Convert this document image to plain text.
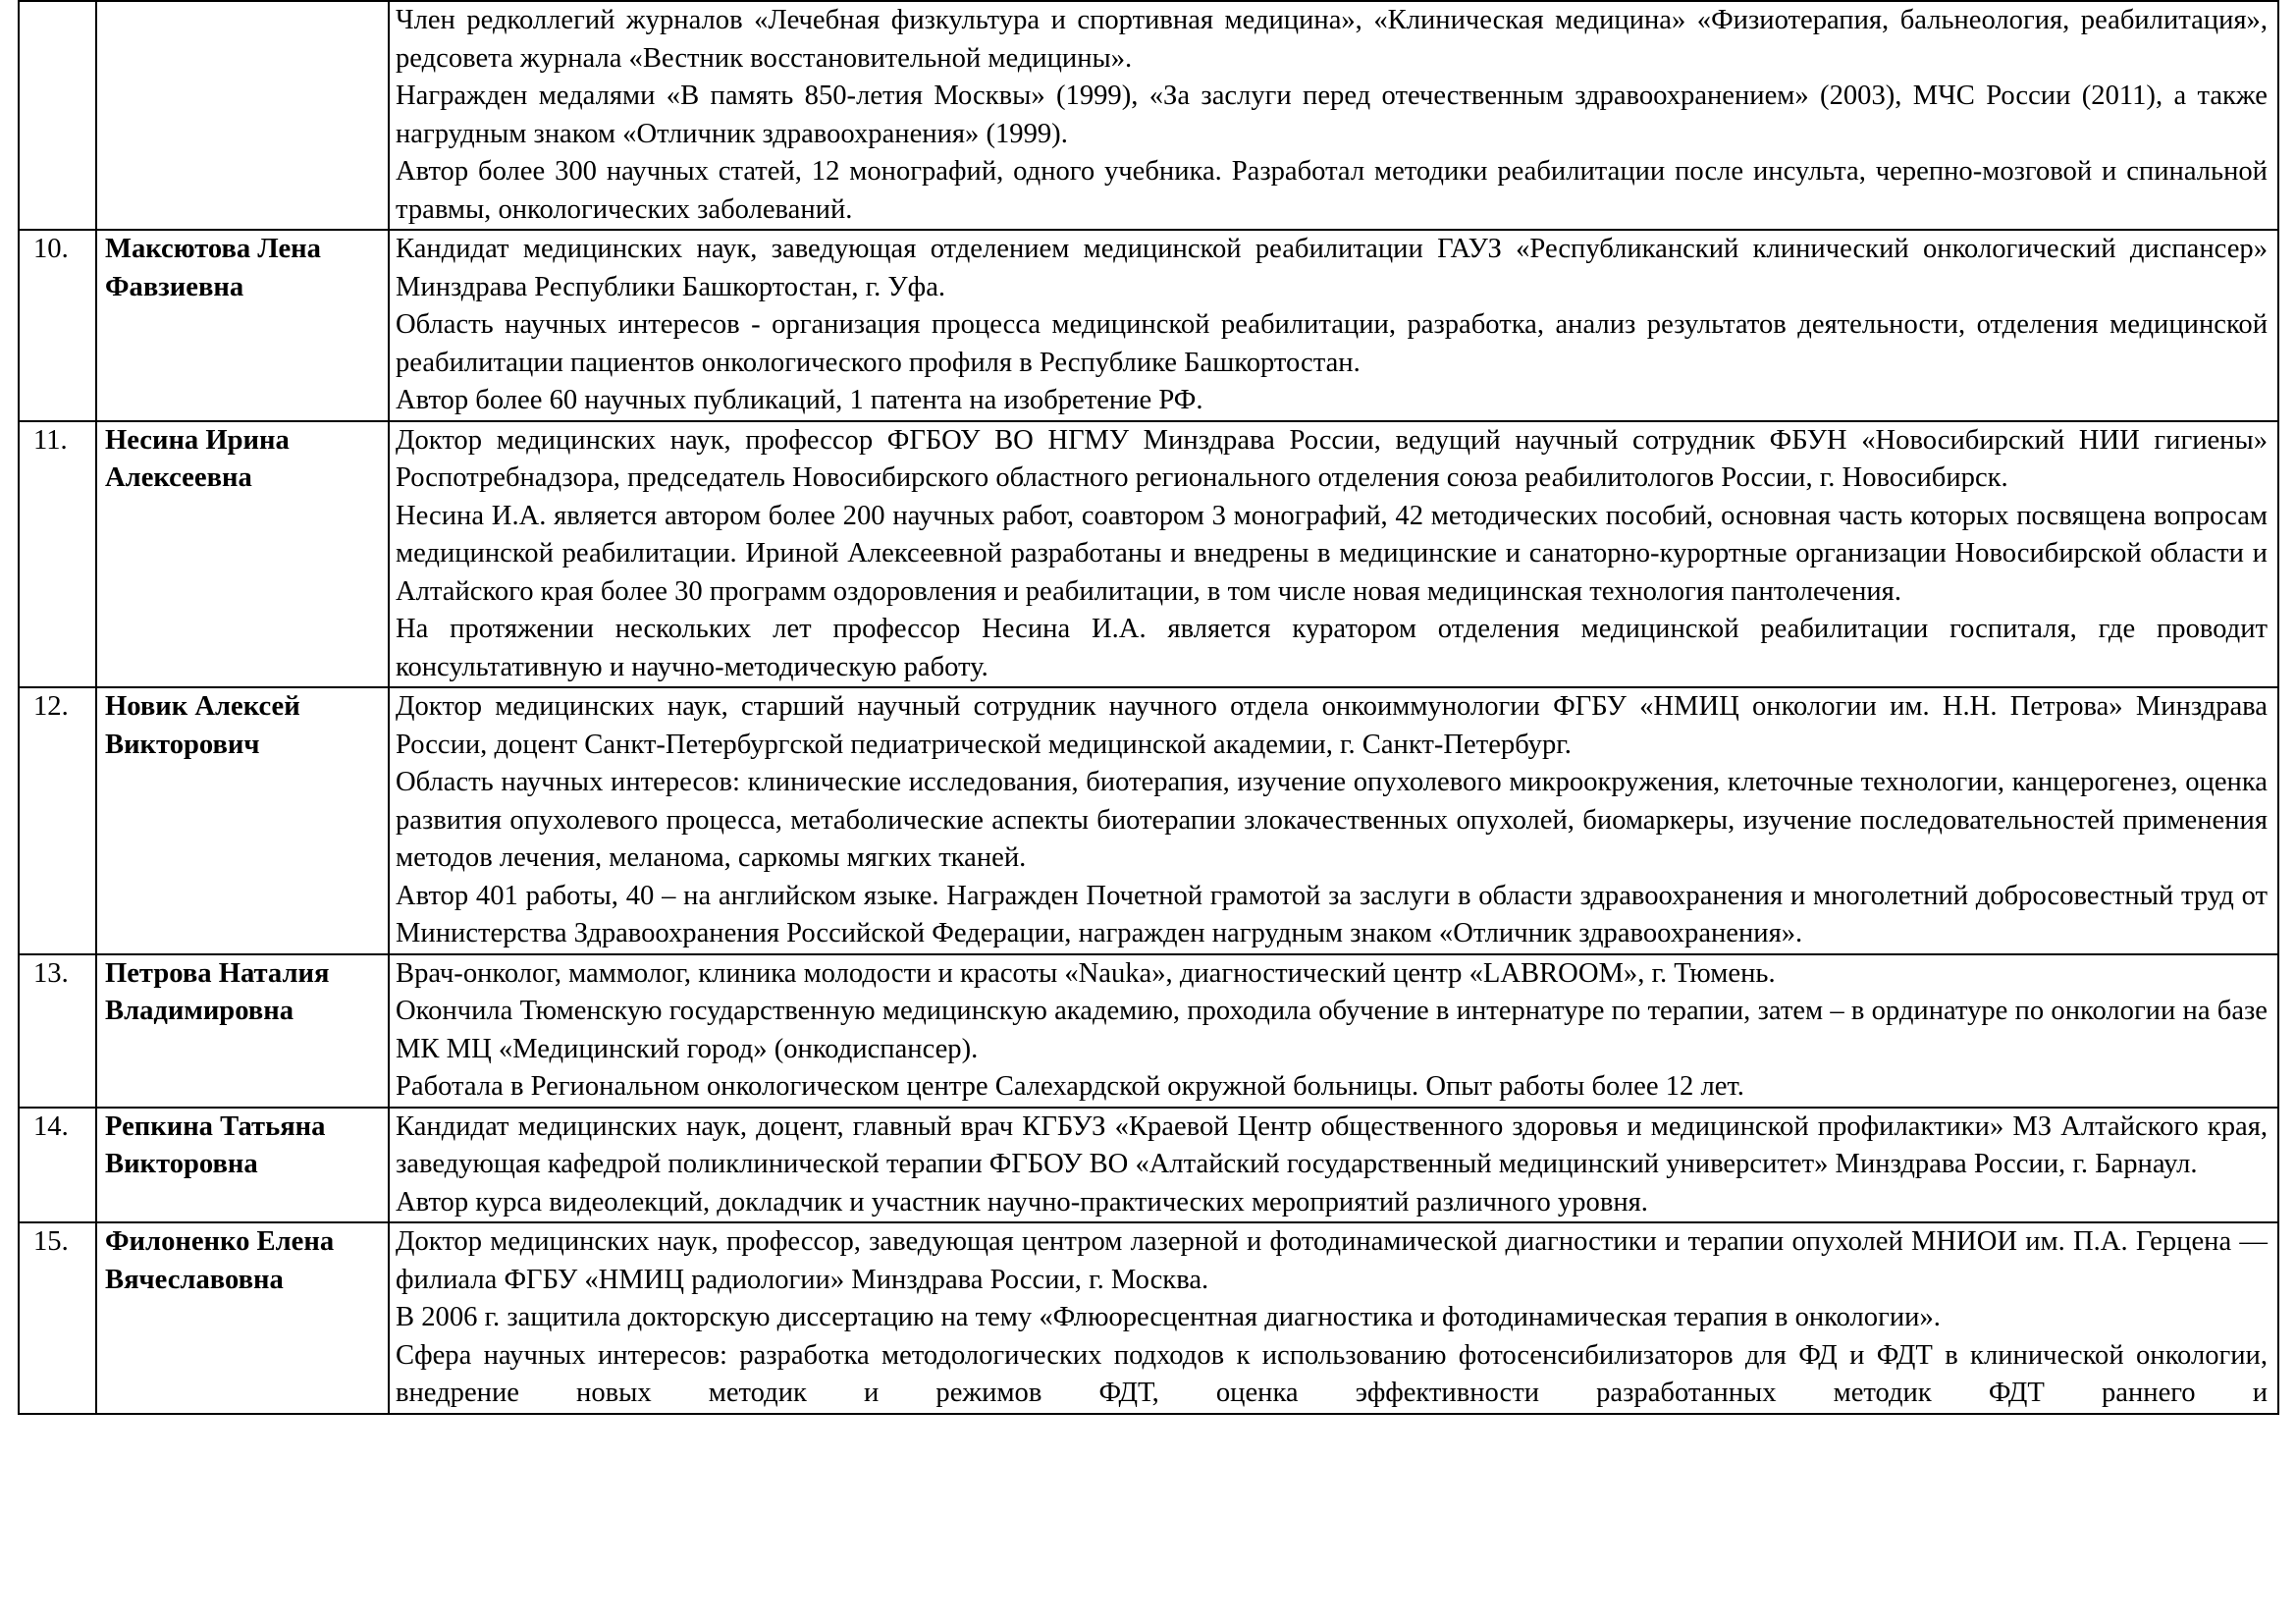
		Член редколлегий журналов «Лечебная физкультура и спортивная медицина», «Клиническая медицина» «Физиотерапия, бальнеология, реабилитация», редсовета журнала «Вестник восстановительной медицины».

Награжден медалями «В память 850-летия Москвы» (1999), «За заслуги перед отечественным здравоохранением» (2003), МЧС России (2011), а также нагрудным знаком «Отличник здравоохранения» (1999).

Автор более 300 научных статей, 12 монографий, одного учебника. Разработал методики реабилитации после инсульта, черепно-мозговой и спинальной травмы, онкологических заболеваний.

10.	Максютова Лена Фавзиевна	Кандидат медицинских наук, заведующая отделением медицинской реабилитации ГАУЗ «Республиканский клинический онкологический диспансер» Минздрава Республики Башкортостан, г. Уфа.

Область научных интересов - организация процесса медицинской реабилитации, разработка, анализ результатов деятельности, отделения медицинской реабилитации пациентов онкологического профиля в Республике Башкортостан.

Автор более 60 научных публикаций, 1 патента на изобретение РФ.

11.	Несина Ирина Алексеевна	Доктор медицинских наук, профессор ФГБОУ ВО НГМУ Минздрава России, ведущий научный сотрудник ФБУН «Новосибирский НИИ гигиены» Роспотребнадзора, председатель Новосибирского областного регионального отделения союза реабилитологов России, г. Новосибирск.

Несина И.А. является автором более 200 научных работ, соавтором 3 монографий, 42 методических пособий, основная часть которых посвящена вопросам медицинской реабилитации. Ириной Алексеевной разработаны и внедрены в медицинские и санаторно-курортные организации Новосибирской области и Алтайского края более 30 программ оздоровления и реабилитации, в том числе новая медицинская технология пантолечения.

На протяжении нескольких лет профессор Несина И.А. является куратором отделения медицинской реабилитации госпиталя, где проводит консультативную и научно-методическую работу.

12.	Новик Алексей Викторович	Доктор медицинских наук, старший научный сотрудник научного отдела онкоиммунологии ФГБУ «НМИЦ онкологии им. Н.Н. Петрова» Минздрава России, доцент Санкт-Петербургской педиатрической медицинской академии, г. Санкт-Петербург.

Область научных интересов: клинические исследования, биотерапия, изучение опухолевого микроокружения, клеточные технологии, канцерогенез, оценка развития опухолевого процесса, метаболические аспекты биотерапии злокачественных опухолей, биомаркеры, изучение последовательностей применения методов лечения, меланома, саркомы мягких тканей.

Автор 401 работы, 40 – на английском языке. Награжден Почетной грамотой за заслуги в области здравоохранения и многолетний добросовестный труд от Министерства Здравоохранения Российской Федерации, награжден нагрудным знаком «Отличник здравоохранения».

13.	Петрова Наталия Владимировна	Врач-онколог, маммолог, клиника молодости и красоты «Nauka», диагностический центр «LABROOM», г. Тюмень.

Окончила Тюменскую государственную медицинскую академию, проходила обучение в интернатуре по терапии, затем – в ординатуре по онкологии на базе МК МЦ «Медицинский город» (онкодиспансер).

Работала в Региональном онкологическом центре Салехардской окружной больницы. Опыт работы более 12 лет.

14.	Репкина Татьяна Викторовна	Кандидат медицинских наук, доцент, главный врач КГБУЗ «Краевой Центр общественного здоровья и медицинской профилактики» МЗ Алтайского края, заведующая кафедрой поликлинической терапии ФГБОУ ВО «Алтайский государственный медицинский университет» Минздрава России, г. Барнаул.

Автор курса видеолекций, докладчик и участник научно-практических мероприятий различного уровня.

15.	Филоненко Елена Вячеславовна	Доктор медицинских наук, профессор, заведующая центром лазерной и фотодинамической диагностики и терапии опухолей МНИОИ им. П.А. Герцена — филиала ФГБУ «НМИЦ радиологии» Минздрава России, г. Москва.

В 2006 г. защитила докторскую диссертацию на тему «Флюоресцентная диагностика и фотодинамическая терапия в онкологии».

Сфера научных интересов: разработка методологических подходов к использованию фотосенсибилизаторов для ФД и ФДТ в клинической онкологии, внедрение новых методик и режимов ФДТ, оценка эффективности разработанных методик ФДТ раннего и
